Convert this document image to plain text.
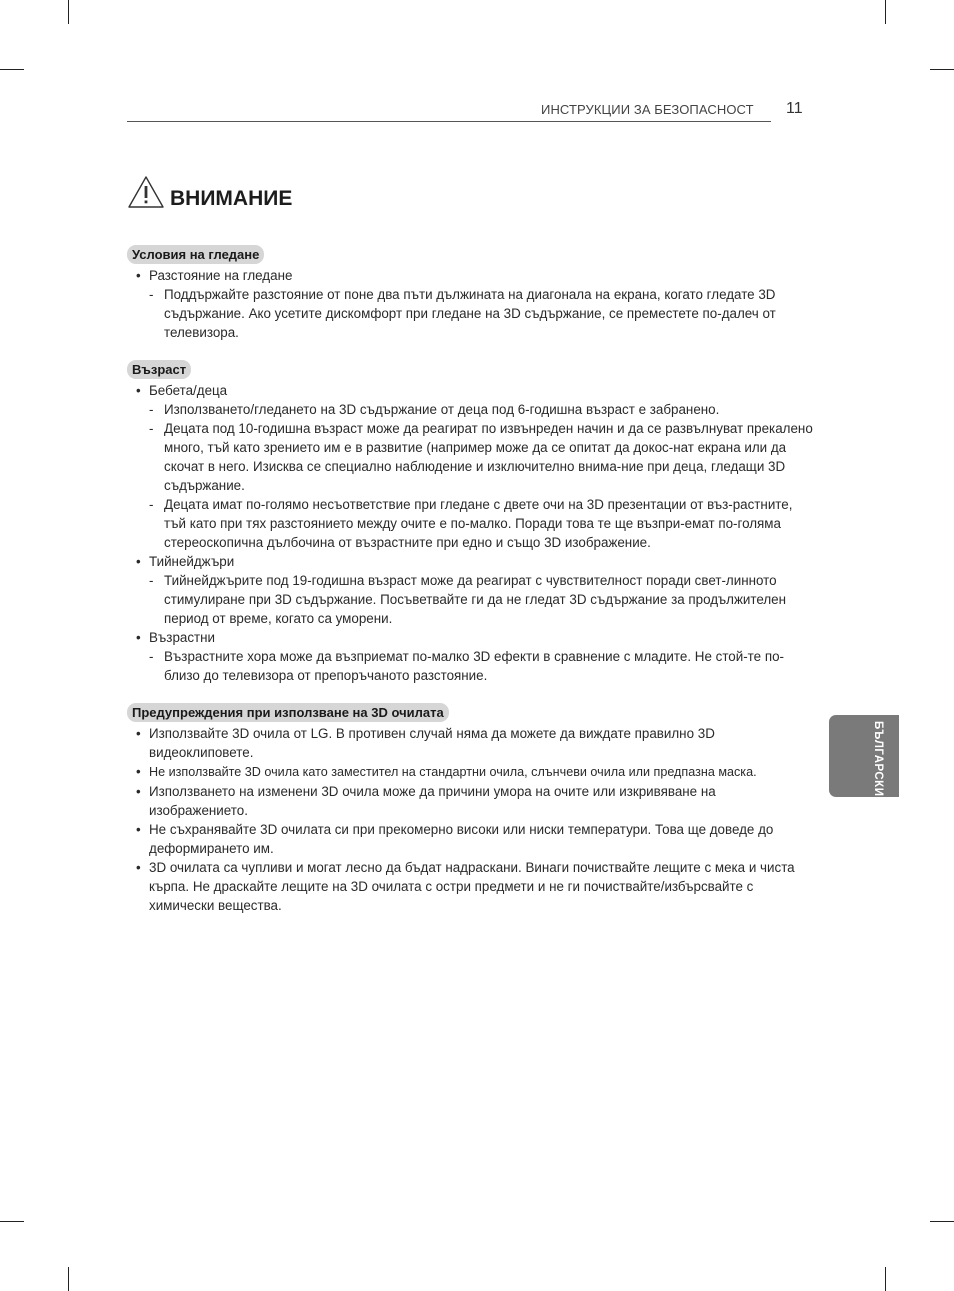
ИНСТРУКЦИИ ЗА БЕЗОПАСНОСТ 11
ВНИМАНИЕ
Условия на гледане
• Разстояние на гледане
- Поддържайте разстояние от поне два пъти дължината на диагонала на екрана, когато гледате 3D съдържание. Ако усетите дискомфорт при гледане на 3D съдържание, се преместете по-далеч от телевизора.
Възраст
• Бебета/деца
- Използването/гледането на 3D съдържание от деца под 6-годишна възраст е забранено.
- Децата под 10-годишна възраст може да реагират по извънреден начин и да се развълнуват прекалено много, тъй като зрението им е в развитие (например може да се опитат да докос-нат екрана или да скочат в него. Изисква се специално наблюдение и изключително внима-ние при деца, гледащи 3D съдържание.
- Децата имат по-голямо несъответствие при гледане с двете очи на 3D презентации от въз-растните, тъй като при тях разстоянието между очите е по-малко. Поради това те ще възпри-емат по-голяма стереоскопична дълбочина от възрастните при едно и също 3D изображение.
• Тийнейджъри
- Тийнейджърите под 19-годишна възраст може да реагират с чувствителност поради свет-линното стимулиране при 3D съдържание. Посъветвайте ги да не гледат 3D съдържание за продължителен период от време, когато са уморени.
• Възрастни
- Възрастните хора може да възприемат по-малко 3D ефекти в сравнение с младите. Не стой-те по-близо до телевизора от препоръчаното разстояние.
Предупреждения при използване на 3D очилата
• Използвайте 3D очила от LG. В противен случай няма да можете да виждате правилно 3D видеоклиповете.
• Не използвайте 3D очила като заместител на стандартни очила, слънчеви очила или предпазна маска.
• Използването на изменени 3D очила може да причини умора на очите или изкривяване на изображението.
• Не съхранявайте 3D очилата си при прекомерно високи или ниски температури. Това ще доведе до деформирането им.
• 3D очилата са чупливи и могат лесно да бъдат надраскани. Винаги почиствайте лещите с мека и чиста кърпа. Не драскайте лещите на 3D очилата с остри предмети и не ги почиствайте/избърсвайте с химически вещества.
БЪЛГАРСКИ
